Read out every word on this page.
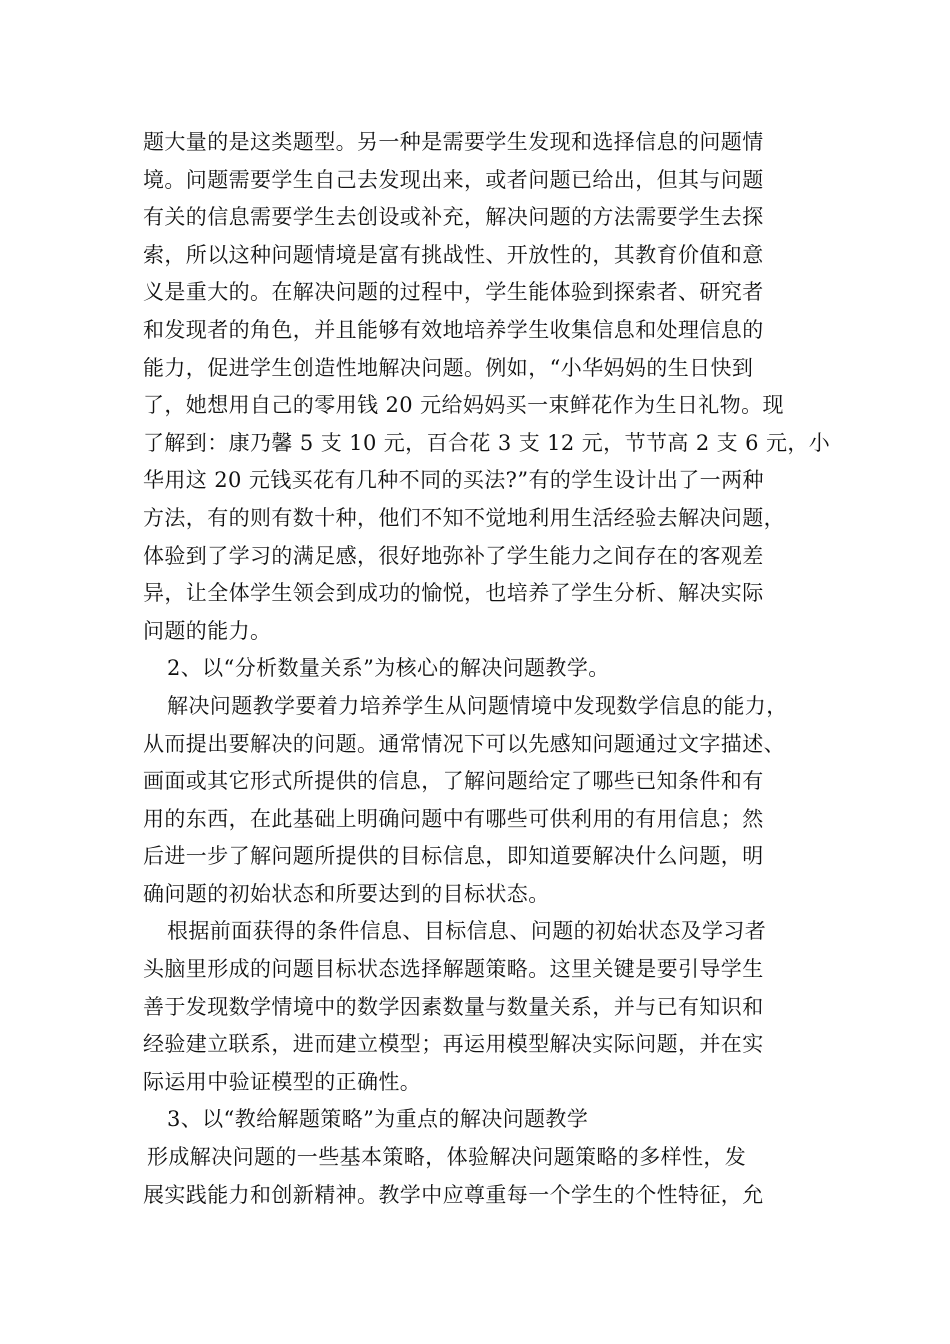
题大量的是这类题型。另一种是需要学生发现和选择信息的问题情
境。问题需要学生自己去发现出来，或者问题已给出，但其与问题
有关的信息需要学生去创设或补充，解决问题的方法需要学生去探
索，所以这种问题情境是富有挑战性、开放性的，其教育价值和意
义是重大的。在解决问题的过程中，学生能体验到探索者、研究者
和发现者的角色，并且能够有效地培养学生收集信息和处理信息的
能力，促进学生创造性地解决问题。例如，“小华妈妈的生日快到
了，她想用自己的零用钱 20 元给妈妈买一束鲜花作为生日礼物。现
了解到：康乃馨 5 支 10 元，百合花 3 支 12 元，节节高 2 支 6 元，小
华用这 20 元钱买花有几种不同的买法?”有的学生设计出了一两种
方法，有的则有数十种，他们不知不觉地利用生活经验去解决问题，
体验到了学习的满足感，很好地弥补了学生能力之间存在的客观差
异，让全体学生领会到成功的愉悦，也培养了学生分析、解决实际
问题的能力。
2、以“分析数量关系”为核心的解决问题教学。
解决问题教学要着力培养学生从问题情境中发现数学信息的能力，
从而提出要解决的问题。通常情况下可以先感知问题通过文字描述、
画面或其它形式所提供的信息，了解问题给定了哪些已知条件和有
用的东西，在此基础上明确问题中有哪些可供利用的有用信息；然
后进一步了解问题所提供的目标信息，即知道要解决什么问题，明
确问题的初始状态和所要达到的目标状态。
根据前面获得的条件信息、目标信息、问题的初始状态及学习者
头脑里形成的问题目标状态选择解题策略。这里关键是要引导学生
善于发现数学情境中的数学因素数量与数量关系，并与已有知识和
经验建立联系，进而建立模型；再运用模型解决实际问题，并在实
际运用中验证模型的正确性。
3、以“教给解题策略”为重点的解决问题教学
形成解决问题的一些基本策略，体验解决问题策略的多样性，发
展实践能力和创新精神。教学中应尊重每一个学生的个性特征，允
